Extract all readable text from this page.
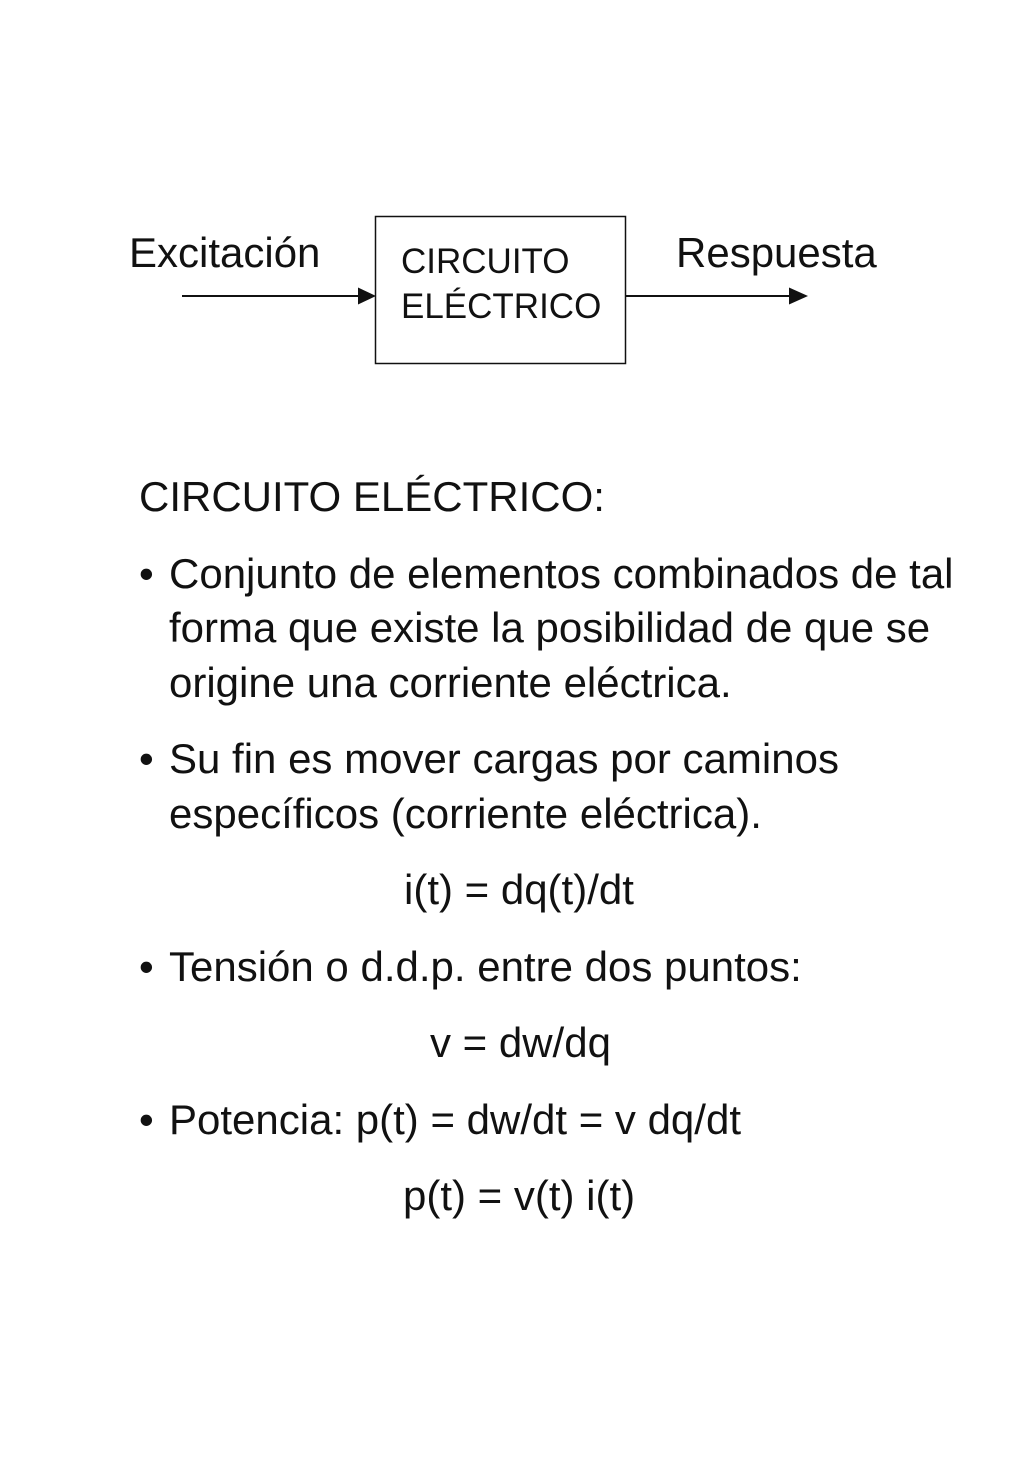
Excitación	Respuesta
CIRCUITO
ELÉCTRICO
CIRCUITO ELÉCTRICO:
• Conjunto de elementos combinados de tal forma que existe la posibilidad de que se origine una corriente eléctrica.
• Su fin es mover cargas por caminos específicos (corriente eléctrica).
i(t) = dq(t)/dt
• Tensión o d.d.p. entre dos puntos:
v = dw/dq
• Potencia: p(t) = dw/dt = v dq/dt
p(t) = v(t) i(t)
